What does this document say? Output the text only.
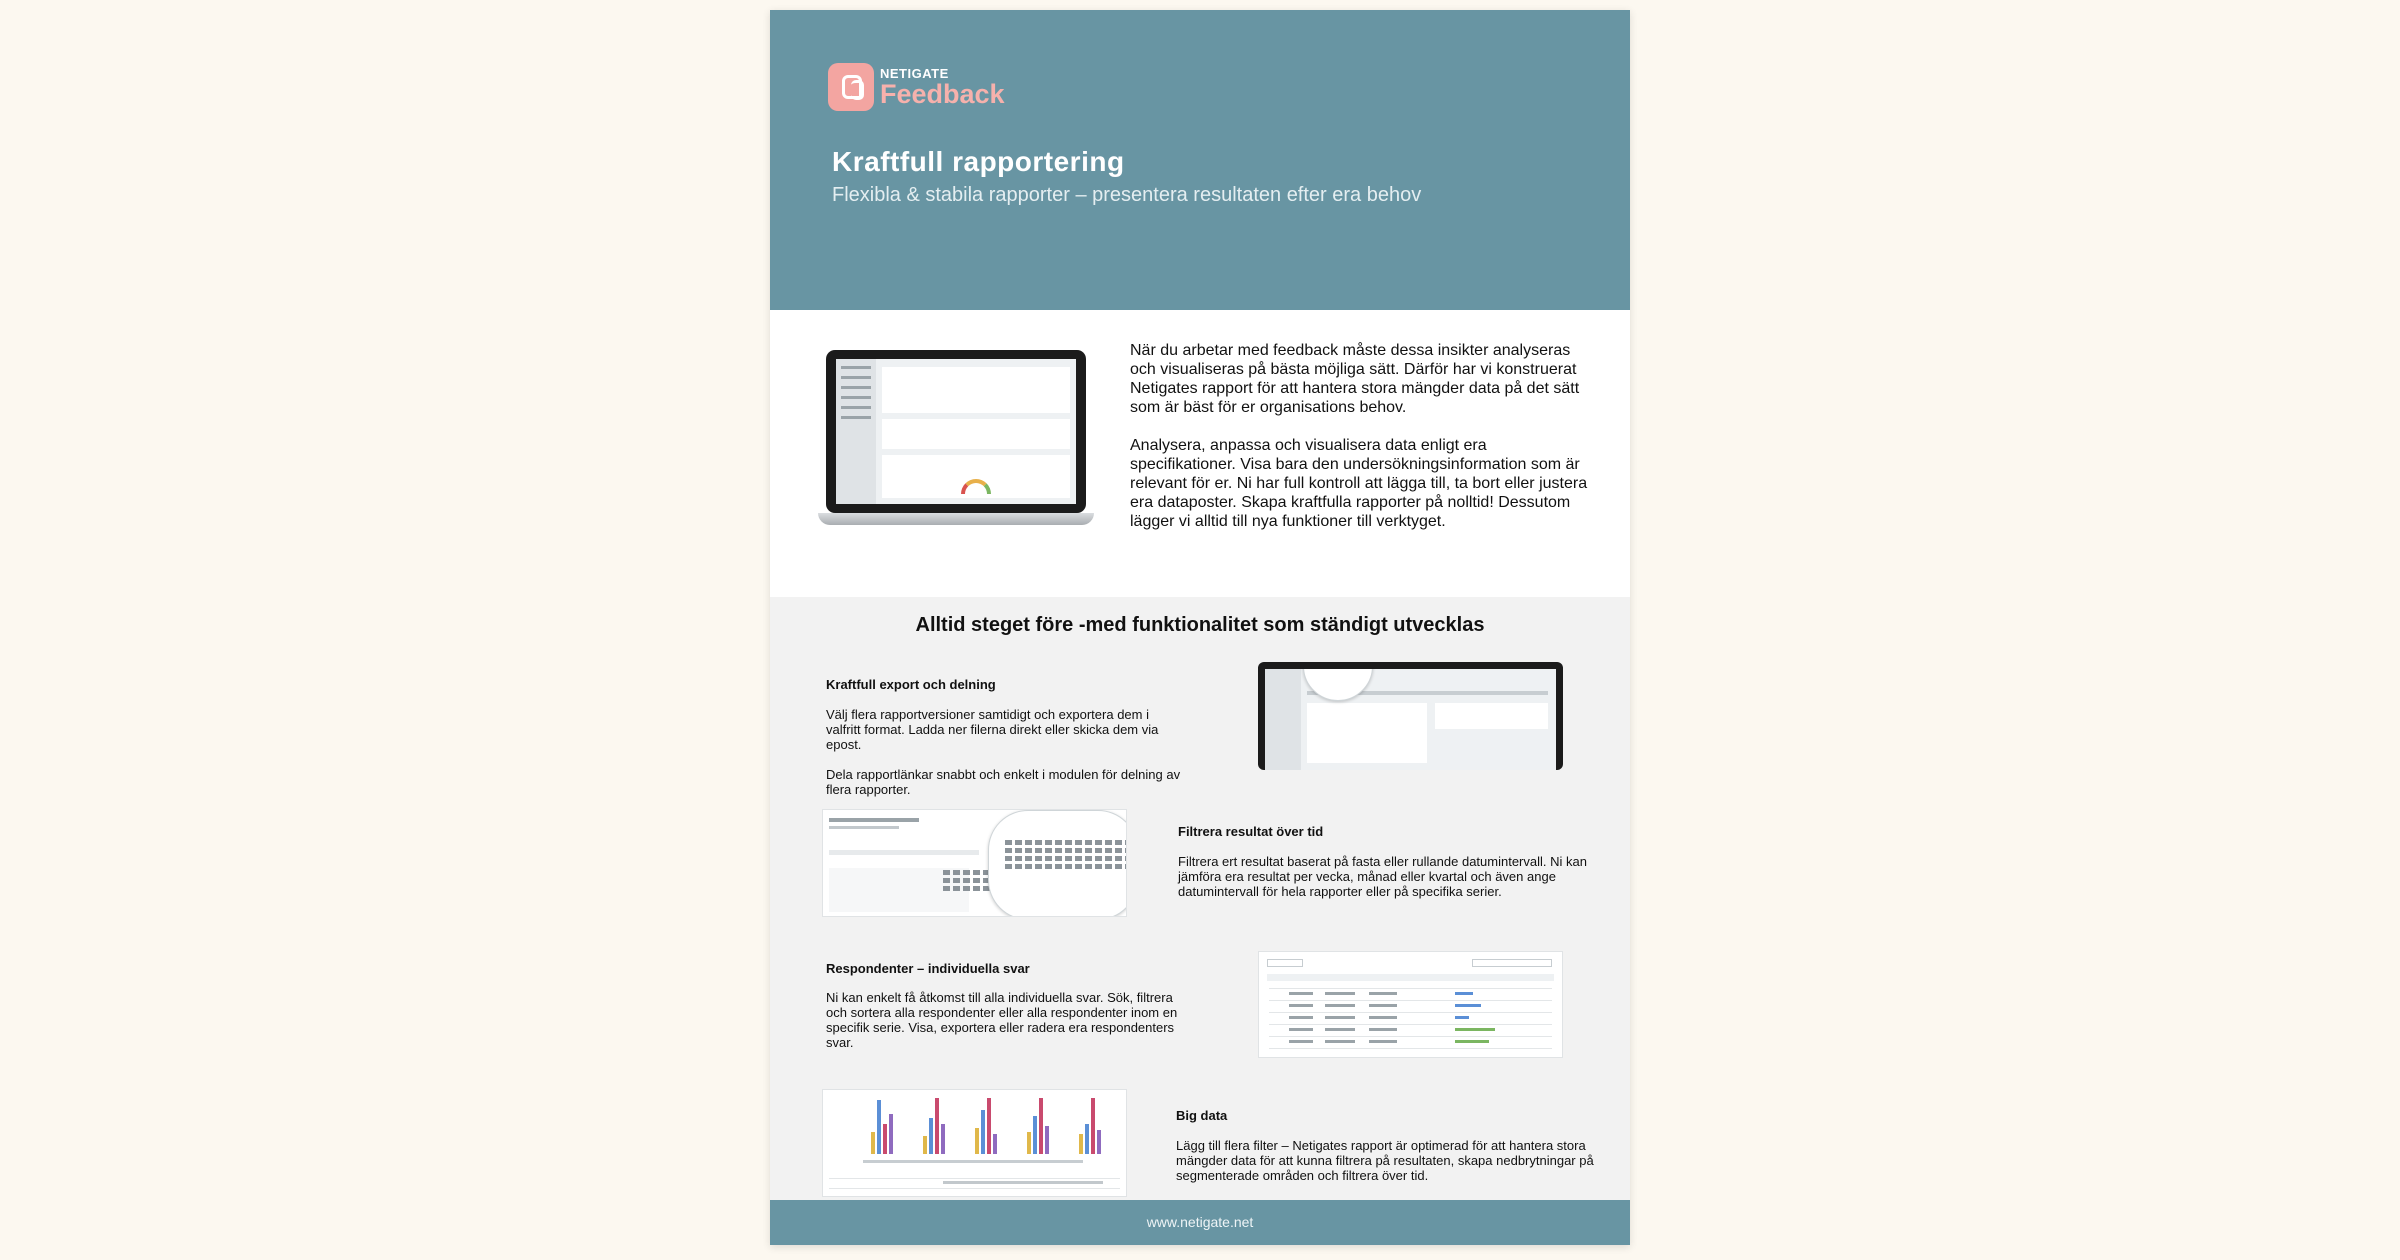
NETIGATE
Feedback
Kraftfull rapportering
Flexibla & stabila rapporter – presentera resultaten efter era behov

När du arbetar med feedback måste dessa insikter analyseras och visualiseras på bästa möjliga sätt. Därför har vi konstruerat Netigates rapport för att hantera stora mängder data på det sätt som är bäst för er organisations behov.

Analysera, anpassa och visualisera data enligt era specifikationer. Visa bara den undersökningsinformation som är relevant för er. Ni har full kontroll att lägga till, ta bort eller justera era dataposter. Skapa kraftfulla rapporter på nolltid! Dessutom lägger vi alltid till nya funktioner till verktyget.

Alltid steget före -med funktionalitet som ständigt utvecklas
Kraftfull export och delning

Välj flera rapportversioner samtidigt och exportera dem i valfritt format. Ladda ner filerna direkt eller skicka dem via epost.

Dela rapportlänkar snabbt och enkelt i modulen för delning av flera rapporter.

Filtrera resultat över tid
Filtrera ert resultat baserat på fasta eller rullande datumintervall. Ni kan jämföra era resultat per vecka, månad eller kvartal och även ange datumintervall för hela rapporter eller på specifika serier.
Respondenter – individuella svar
Ni kan enkelt få åtkomst till alla individuella svar. Sök, filtrera och sortera alla respondenter eller alla respondenter inom en specifik serie. Visa, exportera eller radera era respondenters svar.
Big data
Lägg till flera filter – Netigates rapport är optimerad för att hantera stora mängder data för att kunna filtrera på resultaten, skapa nedbrytningar på segmenterade områden och filtrera över tid.
www.netigate.net
